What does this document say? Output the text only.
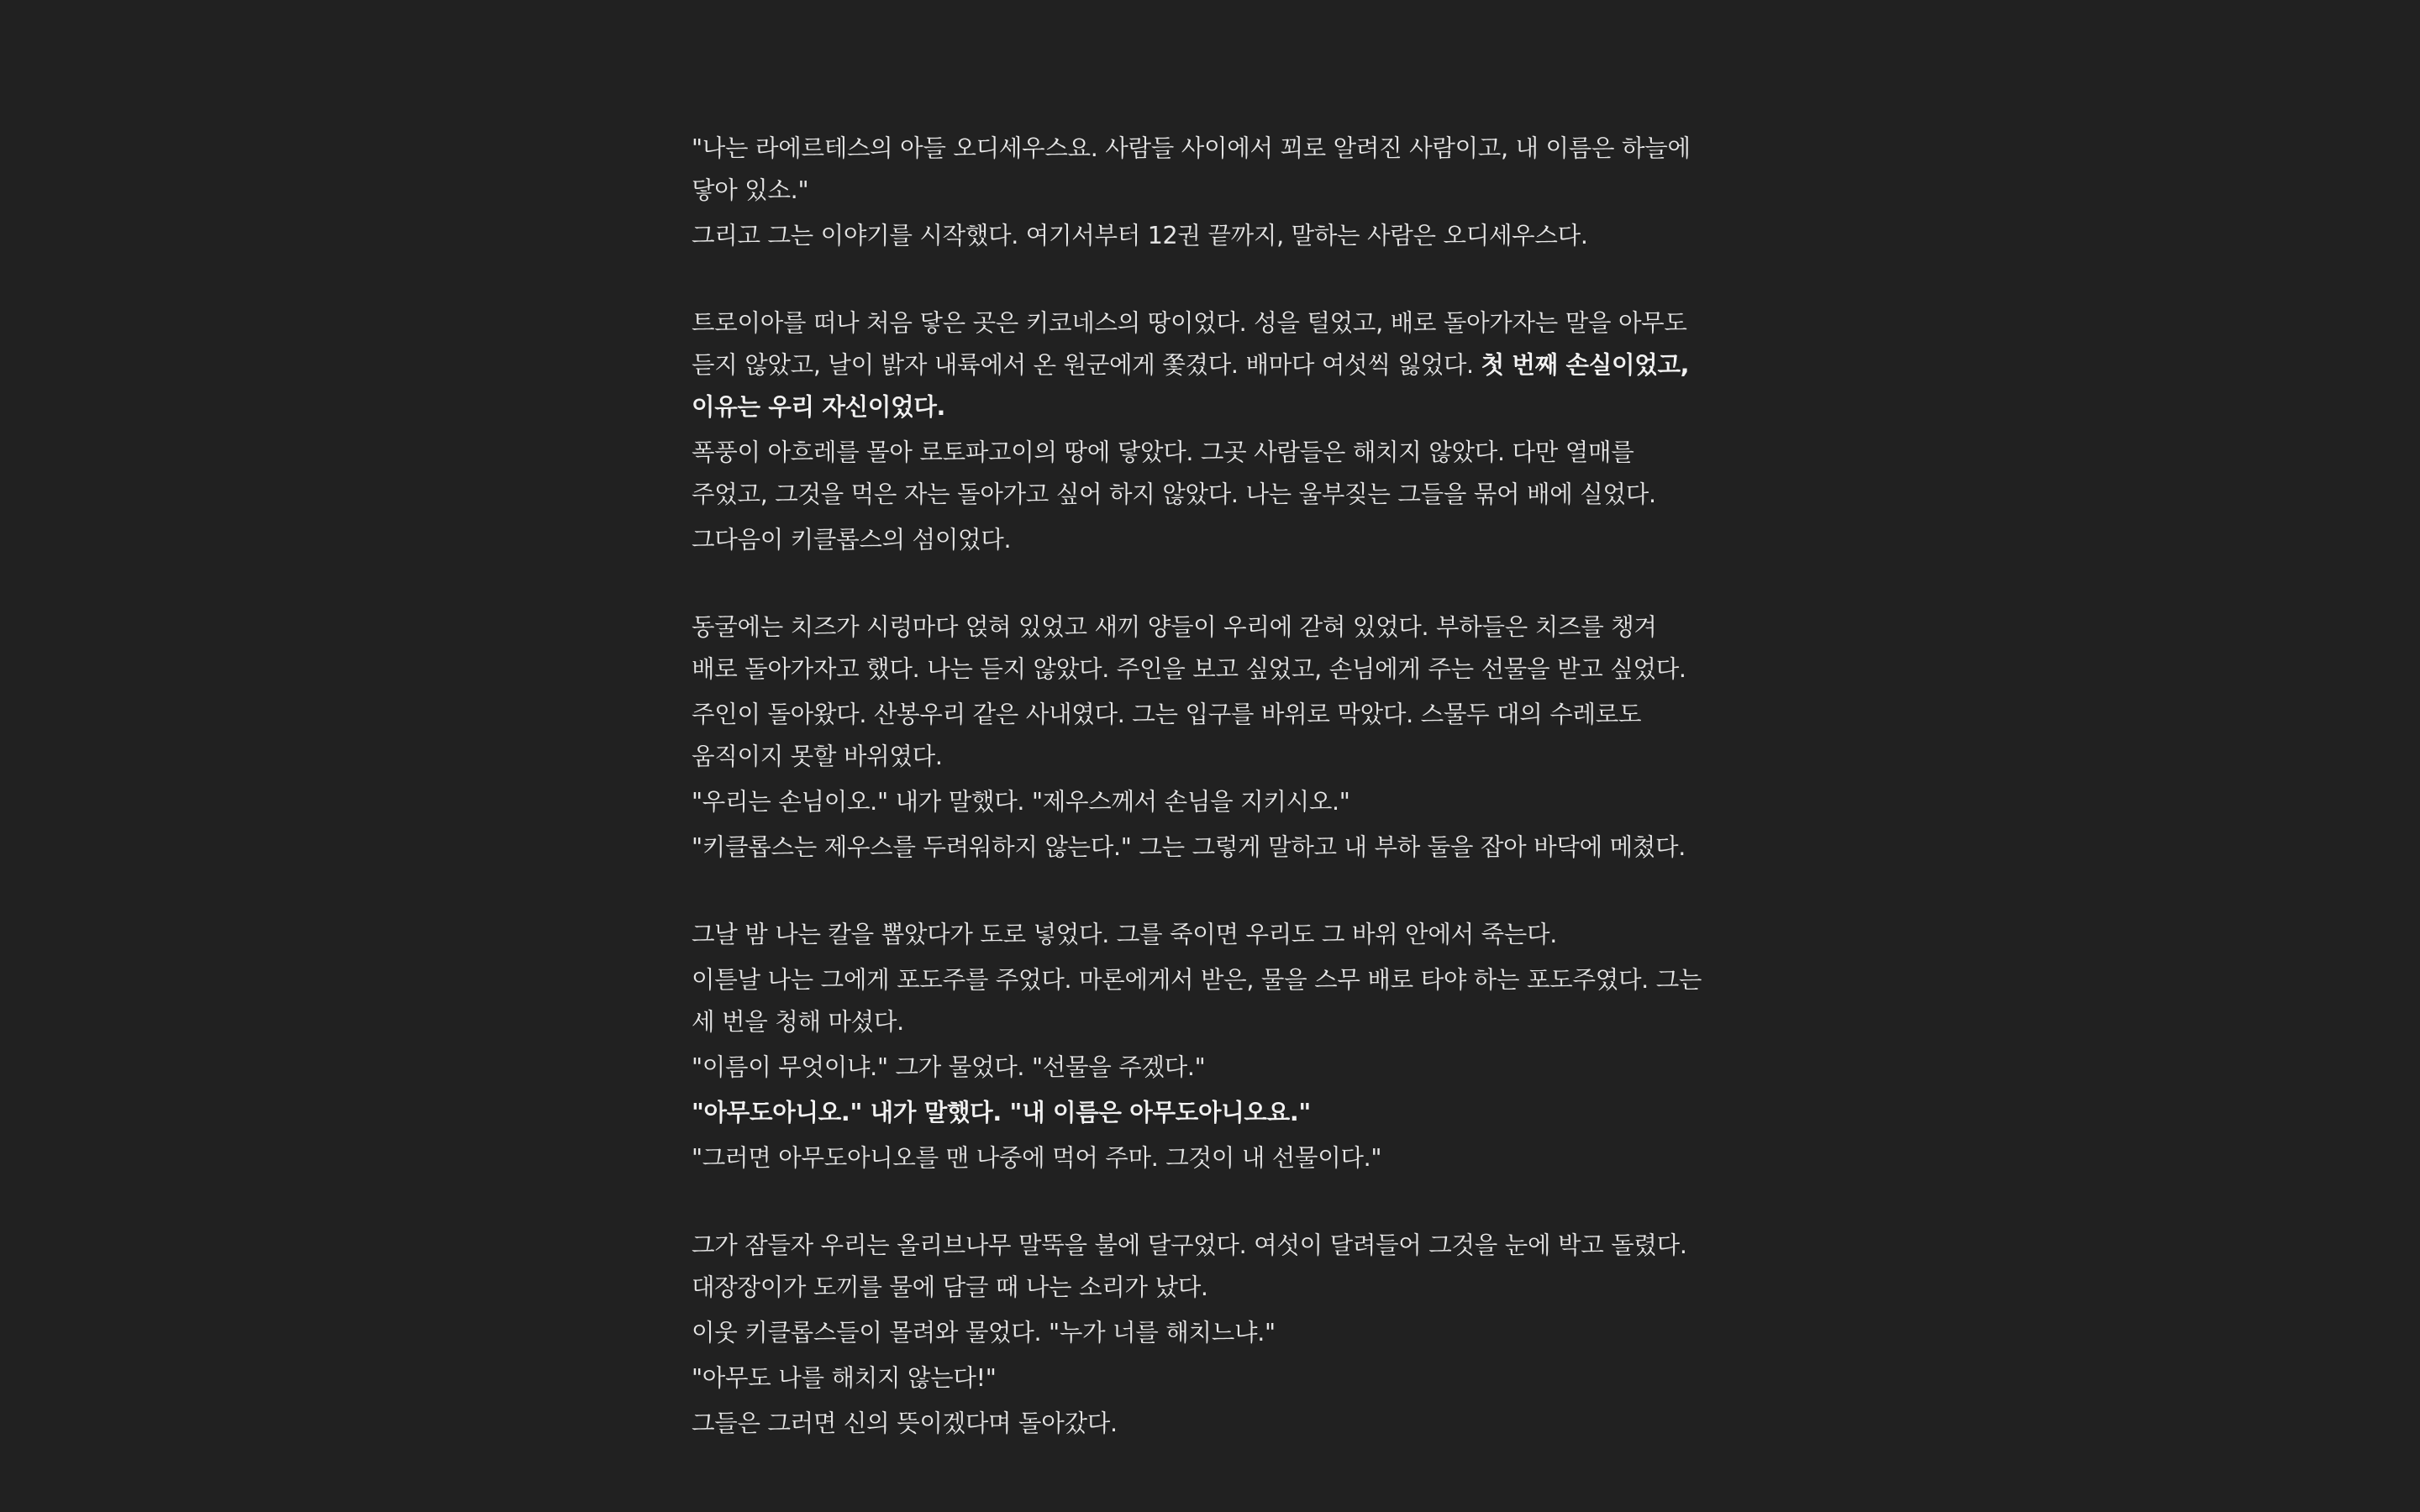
"나는 라에르테스의 아들 오디세우스요. 사람들 사이에서 꾀로 알려진 사람이고, 내 이름은 하늘에
닿아 있소."
그리고 그는 이야기를 시작했다. 여기서부터 12권 끝까지, 말하는 사람은 오디세우스다.
트로이아를 떠나 처음 닿은 곳은 키코네스의 땅이었다. 성을 털었고, 배로 돌아가자는 말을 아무도
듣지 않았고, 날이 밝자 내륙에서 온 원군에게 쫓겼다. 배마다 여섯씩 잃었다. 첫 번째 손실이었고,
이유는 우리 자신이었다.
폭풍이 아흐레를 몰아 로토파고이의 땅에 닿았다. 그곳 사람들은 해치지 않았다. 다만 열매를
주었고, 그것을 먹은 자는 돌아가고 싶어 하지 않았다. 나는 울부짖는 그들을 묶어 배에 실었다.
그다음이 키클롭스의 섬이었다.
동굴에는 치즈가 시렁마다 얹혀 있었고 새끼 양들이 우리에 갇혀 있었다. 부하들은 치즈를 챙겨
배로 돌아가자고 했다. 나는 듣지 않았다. 주인을 보고 싶었고, 손님에게 주는 선물을 받고 싶었다.
주인이 돌아왔다. 산봉우리 같은 사내였다. 그는 입구를 바위로 막았다. 스물두 대의 수레로도
움직이지 못할 바위였다.
"우리는 손님이오." 내가 말했다. "제우스께서 손님을 지키시오."
"키클롭스는 제우스를 두려워하지 않는다." 그는 그렇게 말하고 내 부하 둘을 잡아 바닥에 메쳤다.
그날 밤 나는 칼을 뽑았다가 도로 넣었다. 그를 죽이면 우리도 그 바위 안에서 죽는다.
이튿날 나는 그에게 포도주를 주었다. 마론에게서 받은, 물을 스무 배로 타야 하는 포도주였다. 그는
세 번을 청해 마셨다.
"이름이 무엇이냐." 그가 물었다. "선물을 주겠다."
"아무도아니오." 내가 말했다. "내 이름은 아무도아니오요."
"그러면 아무도아니오를 맨 나중에 먹어 주마. 그것이 내 선물이다."
그가 잠들자 우리는 올리브나무 말뚝을 불에 달구었다. 여섯이 달려들어 그것을 눈에 박고 돌렸다.
대장장이가 도끼를 물에 담글 때 나는 소리가 났다.
이웃 키클롭스들이 몰려와 물었다. "누가 너를 해치느냐."
"아무도 나를 해치지 않는다!"
그들은 그러면 신의 뜻이겠다며 돌아갔다.
